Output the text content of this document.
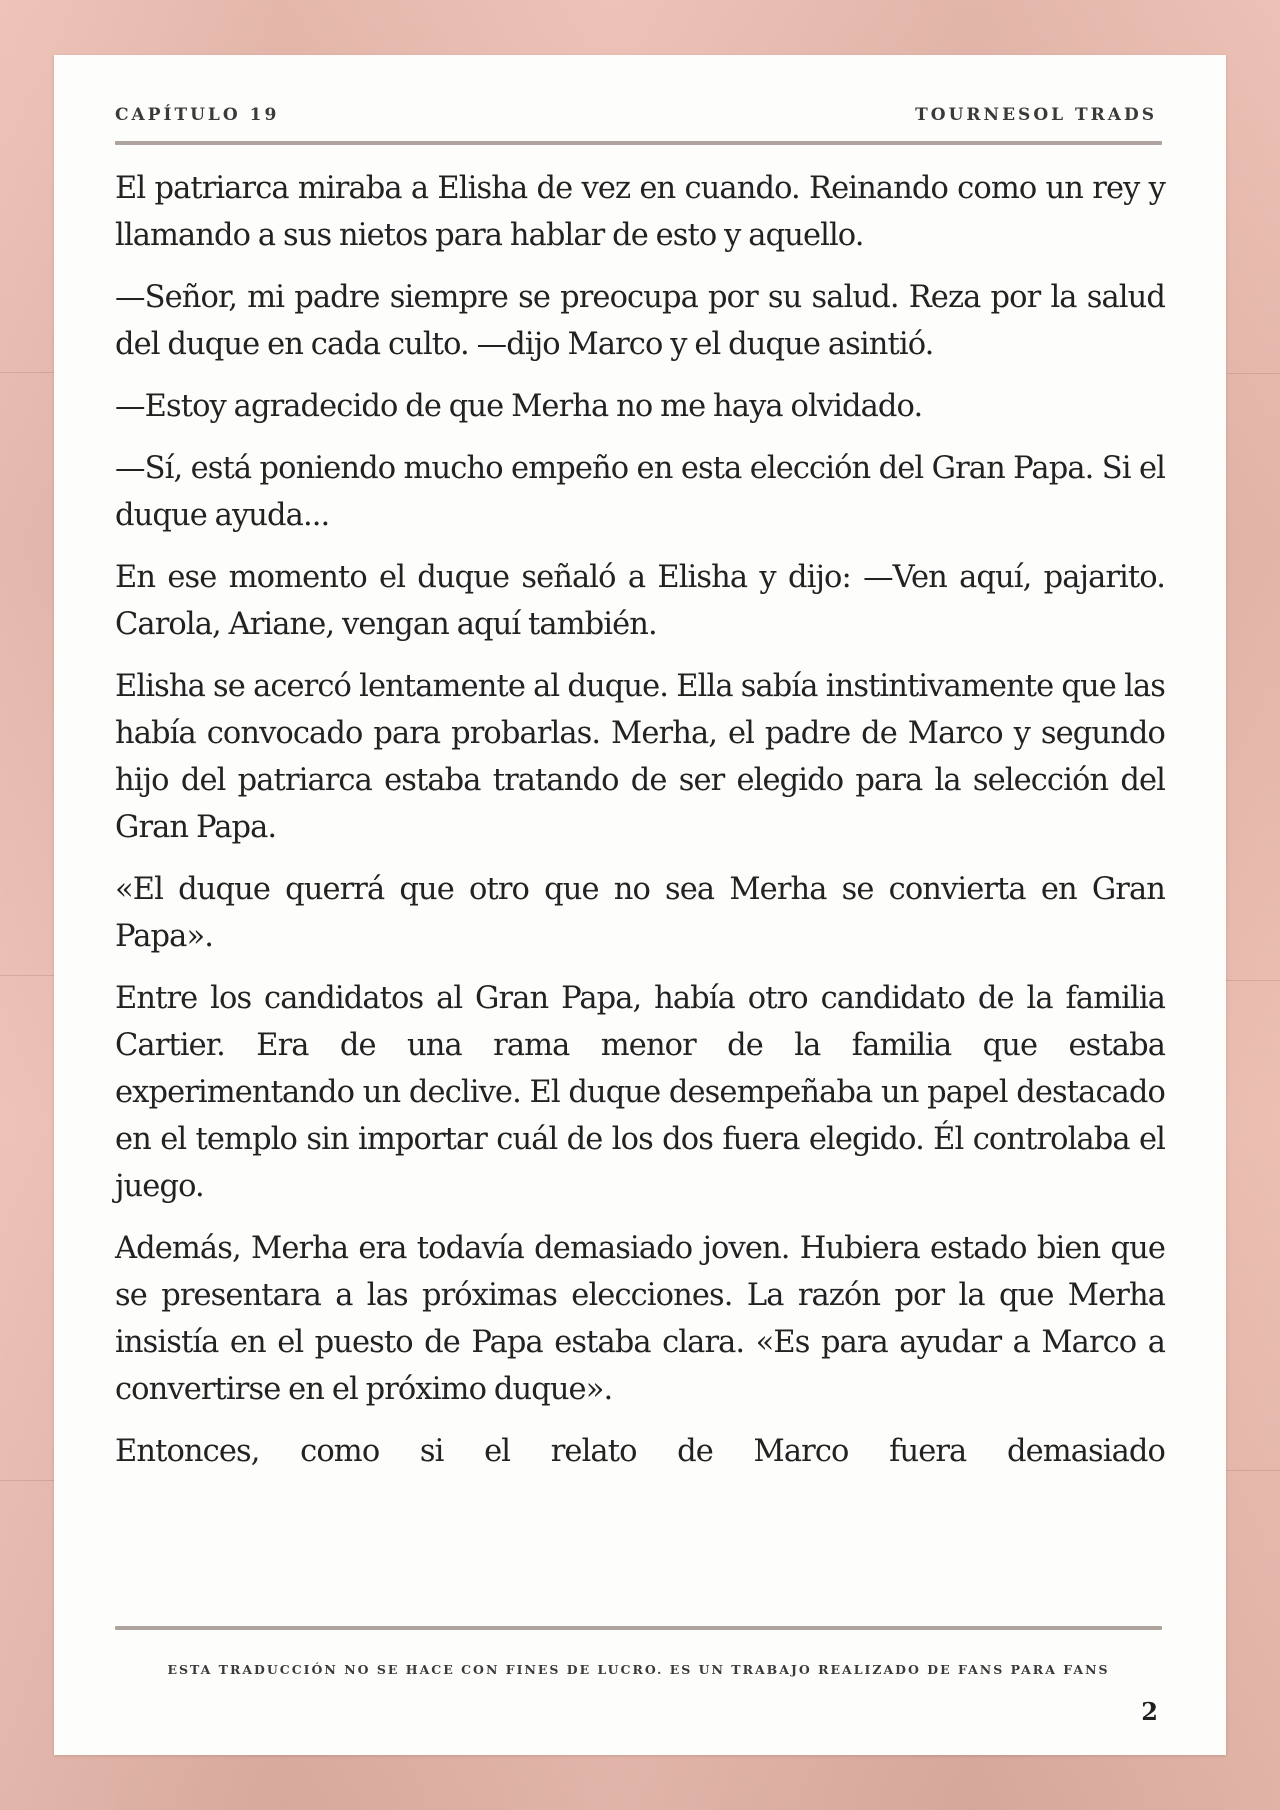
CAPÍTULO 19	TOURNESOL TRADS

El patriarca miraba a Elisha de vez en cuando. Reinando como un rey y llamando a sus nietos para hablar de esto y aquello.

—Señor, mi padre siempre se preocupa por su salud. Reza por la salud del duque en cada culto. —dijo Marco y el duque asintió.

—Estoy agradecido de que Merha no me haya olvidado.

—Sí, está poniendo mucho empeño en esta elección del Gran Papa. Si el duque ayuda...

En ese momento el duque señaló a Elisha y dijo: —Ven aquí, pajarito. Carola, Ariane, vengan aquí también.

Elisha se acercó lentamente al duque. Ella sabía instintivamente que las había convocado para probarlas. Merha, el padre de Marco y segundo hijo del patriarca estaba tratando de ser elegido para la selección del Gran Papa.

«El duque querrá que otro que no sea Merha se convierta en Gran Papa».

Entre los candidatos al Gran Papa, había otro candidato de la familia Cartier. Era de una rama menor de la familia que estaba experimentando un declive. El duque desempeñaba un papel destacado en el templo sin importar cuál de los dos fuera elegido. Él controlaba el juego.

Además, Merha era todavía demasiado joven. Hubiera estado bien que se presentara a las próximas elecciones. La razón por la que Merha insistía en el puesto de Papa estaba clara. «Es para ayudar a Marco a convertirse en el próximo duque».

Entonces, como si el relato de Marco fuera demasiado

ESTA TRADUCCIÓN NO SE HACE CON FINES DE LUCRO. ES UN TRABAJO REALIZADO DE FANS PARA FANS
2
